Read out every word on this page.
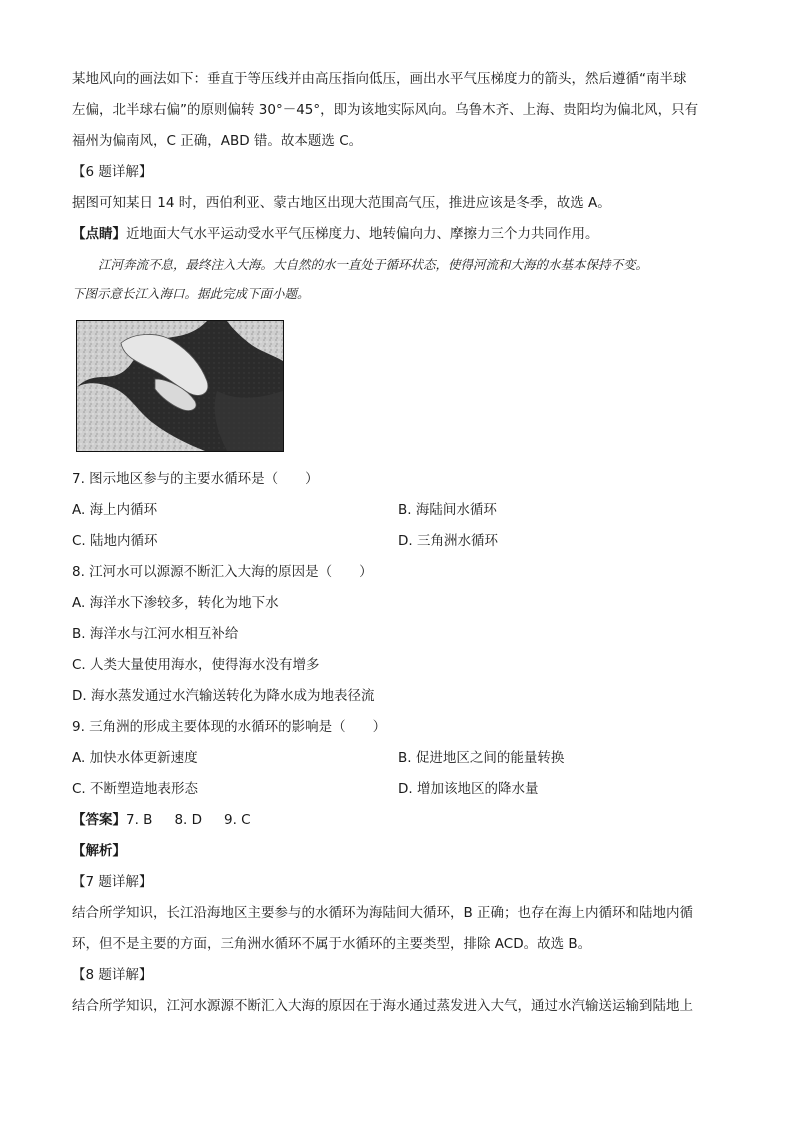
某地风向的画法如下：垂直于等压线并由高压指向低压，画出水平气压梯度力的箭头，然后遵循“南半球

左偏，北半球右偏”的原则偏转 30°－45°，即为该地实际风向。乌鲁木齐、上海、贵阳均为偏北风，只有

福州为偏南风，C 正确，ABD 错。故本题选 C。

【6 题详解】

据图可知某日 14 时，西伯利亚、蒙古地区出现大范围高气压，推进应该是冬季，故选 A。

【点睛】近地面大气水平运动受水平气压梯度力、地转偏向力、摩擦力三个力共同作用。

江河奔流不息，最终注入大海。大自然的水一直处于循环状态，使得河流和大海的水基本保持不变。

下图示意长江入海口。据此完成下面小题。

7. 图示地区参与的主要水循环是（　　）

A. 海上内循环	B. 海陆间水循环
C. 陆地内循环	D. 三角洲水循环

8. 江河水可以源源不断汇入大海的原因是（　　）

A. 海洋水下渗较多，转化为地下水

B. 海洋水与江河水相互补给

C. 人类大量使用海水，使得海水没有增多

D. 海水蒸发通过水汽输送转化为降水成为地表径流

9. 三角洲的形成主要体现的水循环的影响是（　　）

A. 加快水体更新速度	B. 促进地区之间的能量转换
C. 不断塑造地表形态	D. 增加该地区的降水量
【答案】7. B 8. D 9. C

【解析】

【7 题详解】

结合所学知识，长江沿海地区主要参与的水循环为海陆间大循环，B 正确；也存在海上内循环和陆地内循

环，但不是主要的方面，三角洲水循环不属于水循环的主要类型，排除 ACD。故选 B。

【8 题详解】

结合所学知识，江河水源源不断汇入大海的原因在于海水通过蒸发进入大气，通过水汽输送运输到陆地上
